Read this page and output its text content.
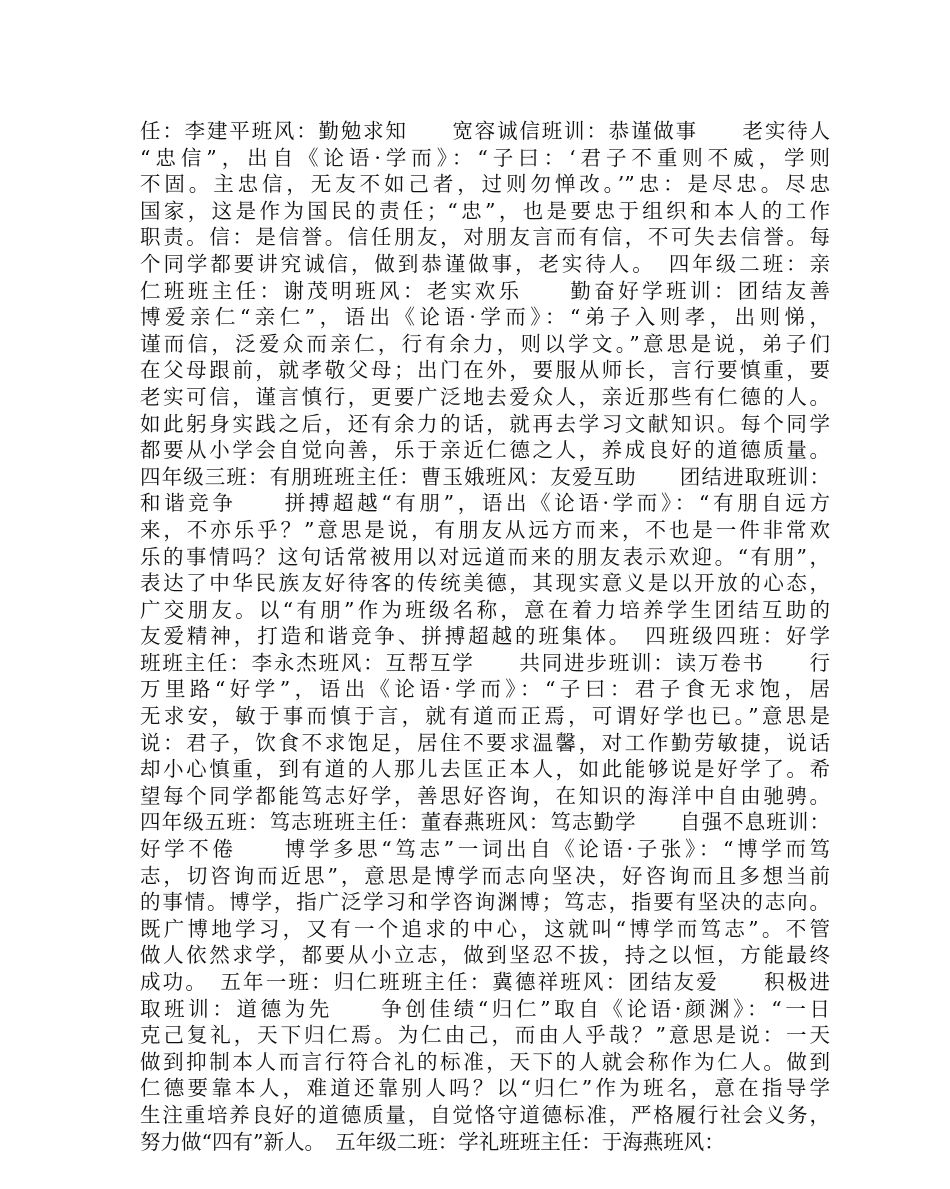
任：李建平班风：勤勉求知　　宽容诚信班训：恭谨做事　　老实待人
“忠信”，出自《论语·学而》：“子曰：‘君子不重则不威，学则
不固。主忠信，无友不如己者，过则勿惮改。’”忠：是尽忠。尽忠
国家，这是作为国民的责任；“忠”，也是要忠于组织和本人的工作
职责。信：是信誉。信任朋友，对朋友言而有信，不可失去信誉。每
个同学都要讲究诚信，做到恭谨做事，老实待人。　四年级二班：亲
仁班班主任：谢茂明班风：老实欢乐　　勤奋好学班训：团结友善
博爱亲仁“亲仁”，语出《论语·学而》：“弟子入则孝，出则悌，
谨而信，泛爱众而亲仁，行有余力，则以学文。”意思是说，弟子们
在父母跟前，就孝敬父母；出门在外，要服从师长，言行要慎重，要
老实可信，谨言慎行，更要广泛地去爱众人，亲近那些有仁德的人。
如此躬身实践之后，还有余力的话，就再去学习文献知识。每个同学
都要从小学会自觉向善，乐于亲近仁德之人，养成良好的道德质量。
四年级三班：有朋班班主任：曹玉娥班风：友爱互助　　团结进取班训：
和谐竞争　　拼搏超越“有朋”，语出《论语·学而》：“有朋自远方
来，不亦乐乎？”意思是说，有朋友从远方而来，不也是一件非常欢
乐的事情吗？这句话常被用以对远道而来的朋友表示欢迎。“有朋”，
表达了中华民族友好待客的传统美德，其现实意义是以开放的心态，
广交朋友。以“有朋”作为班级名称，意在着力培养学生团结互助的
友爱精神，打造和谐竞争、拼搏超越的班集体。　四班级四班：好学
班班主任：李永杰班风：互帮互学　　共同进步班训：读万卷书　　行
万里路“好学”，语出《论语·学而》：“子曰：君子食无求饱，居
无求安，敏于事而慎于言，就有道而正焉，可谓好学也已。”意思是
说：君子，饮食不求饱足，居住不要求温馨，对工作勤劳敏捷，说话
却小心慎重，到有道的人那儿去匡正本人，如此能够说是好学了。希
望每个同学都能笃志好学，善思好咨询，在知识的海洋中自由驰骋。
四年级五班：笃志班班主任：董春燕班风：笃志勤学　　自强不息班训：
好学不倦　　博学多思“笃志”一词出自《论语·子张》：“博学而笃
志，切咨询而近思”，意思是博学而志向坚决，好咨询而且多想当前
的事情。博学，指广泛学习和学咨询渊博；笃志，指要有坚决的志向。
既广博地学习，又有一个追求的中心，这就叫“博学而笃志”。不管
做人依然求学，都要从小立志，做到坚忍不拔，持之以恒，方能最终
成功。　五年一班：归仁班班主任：冀德祥班风：团结友爱　　积极进
取班训：道德为先　　争创佳绩“归仁”取自《论语·颜渊》：“一日
克己复礼，天下归仁焉。为仁由己，而由人乎哉？”意思是说：一天
做到抑制本人而言行符合礼的标准，天下的人就会称作为仁人。做到
仁德要靠本人，难道还靠别人吗？以“归仁”作为班名，意在指导学
生注重培养良好的道德质量，自觉恪守道德标准，严格履行社会义务，
努力做“四有”新人。　五年级二班：学礼班班主任：于海燕班风：
